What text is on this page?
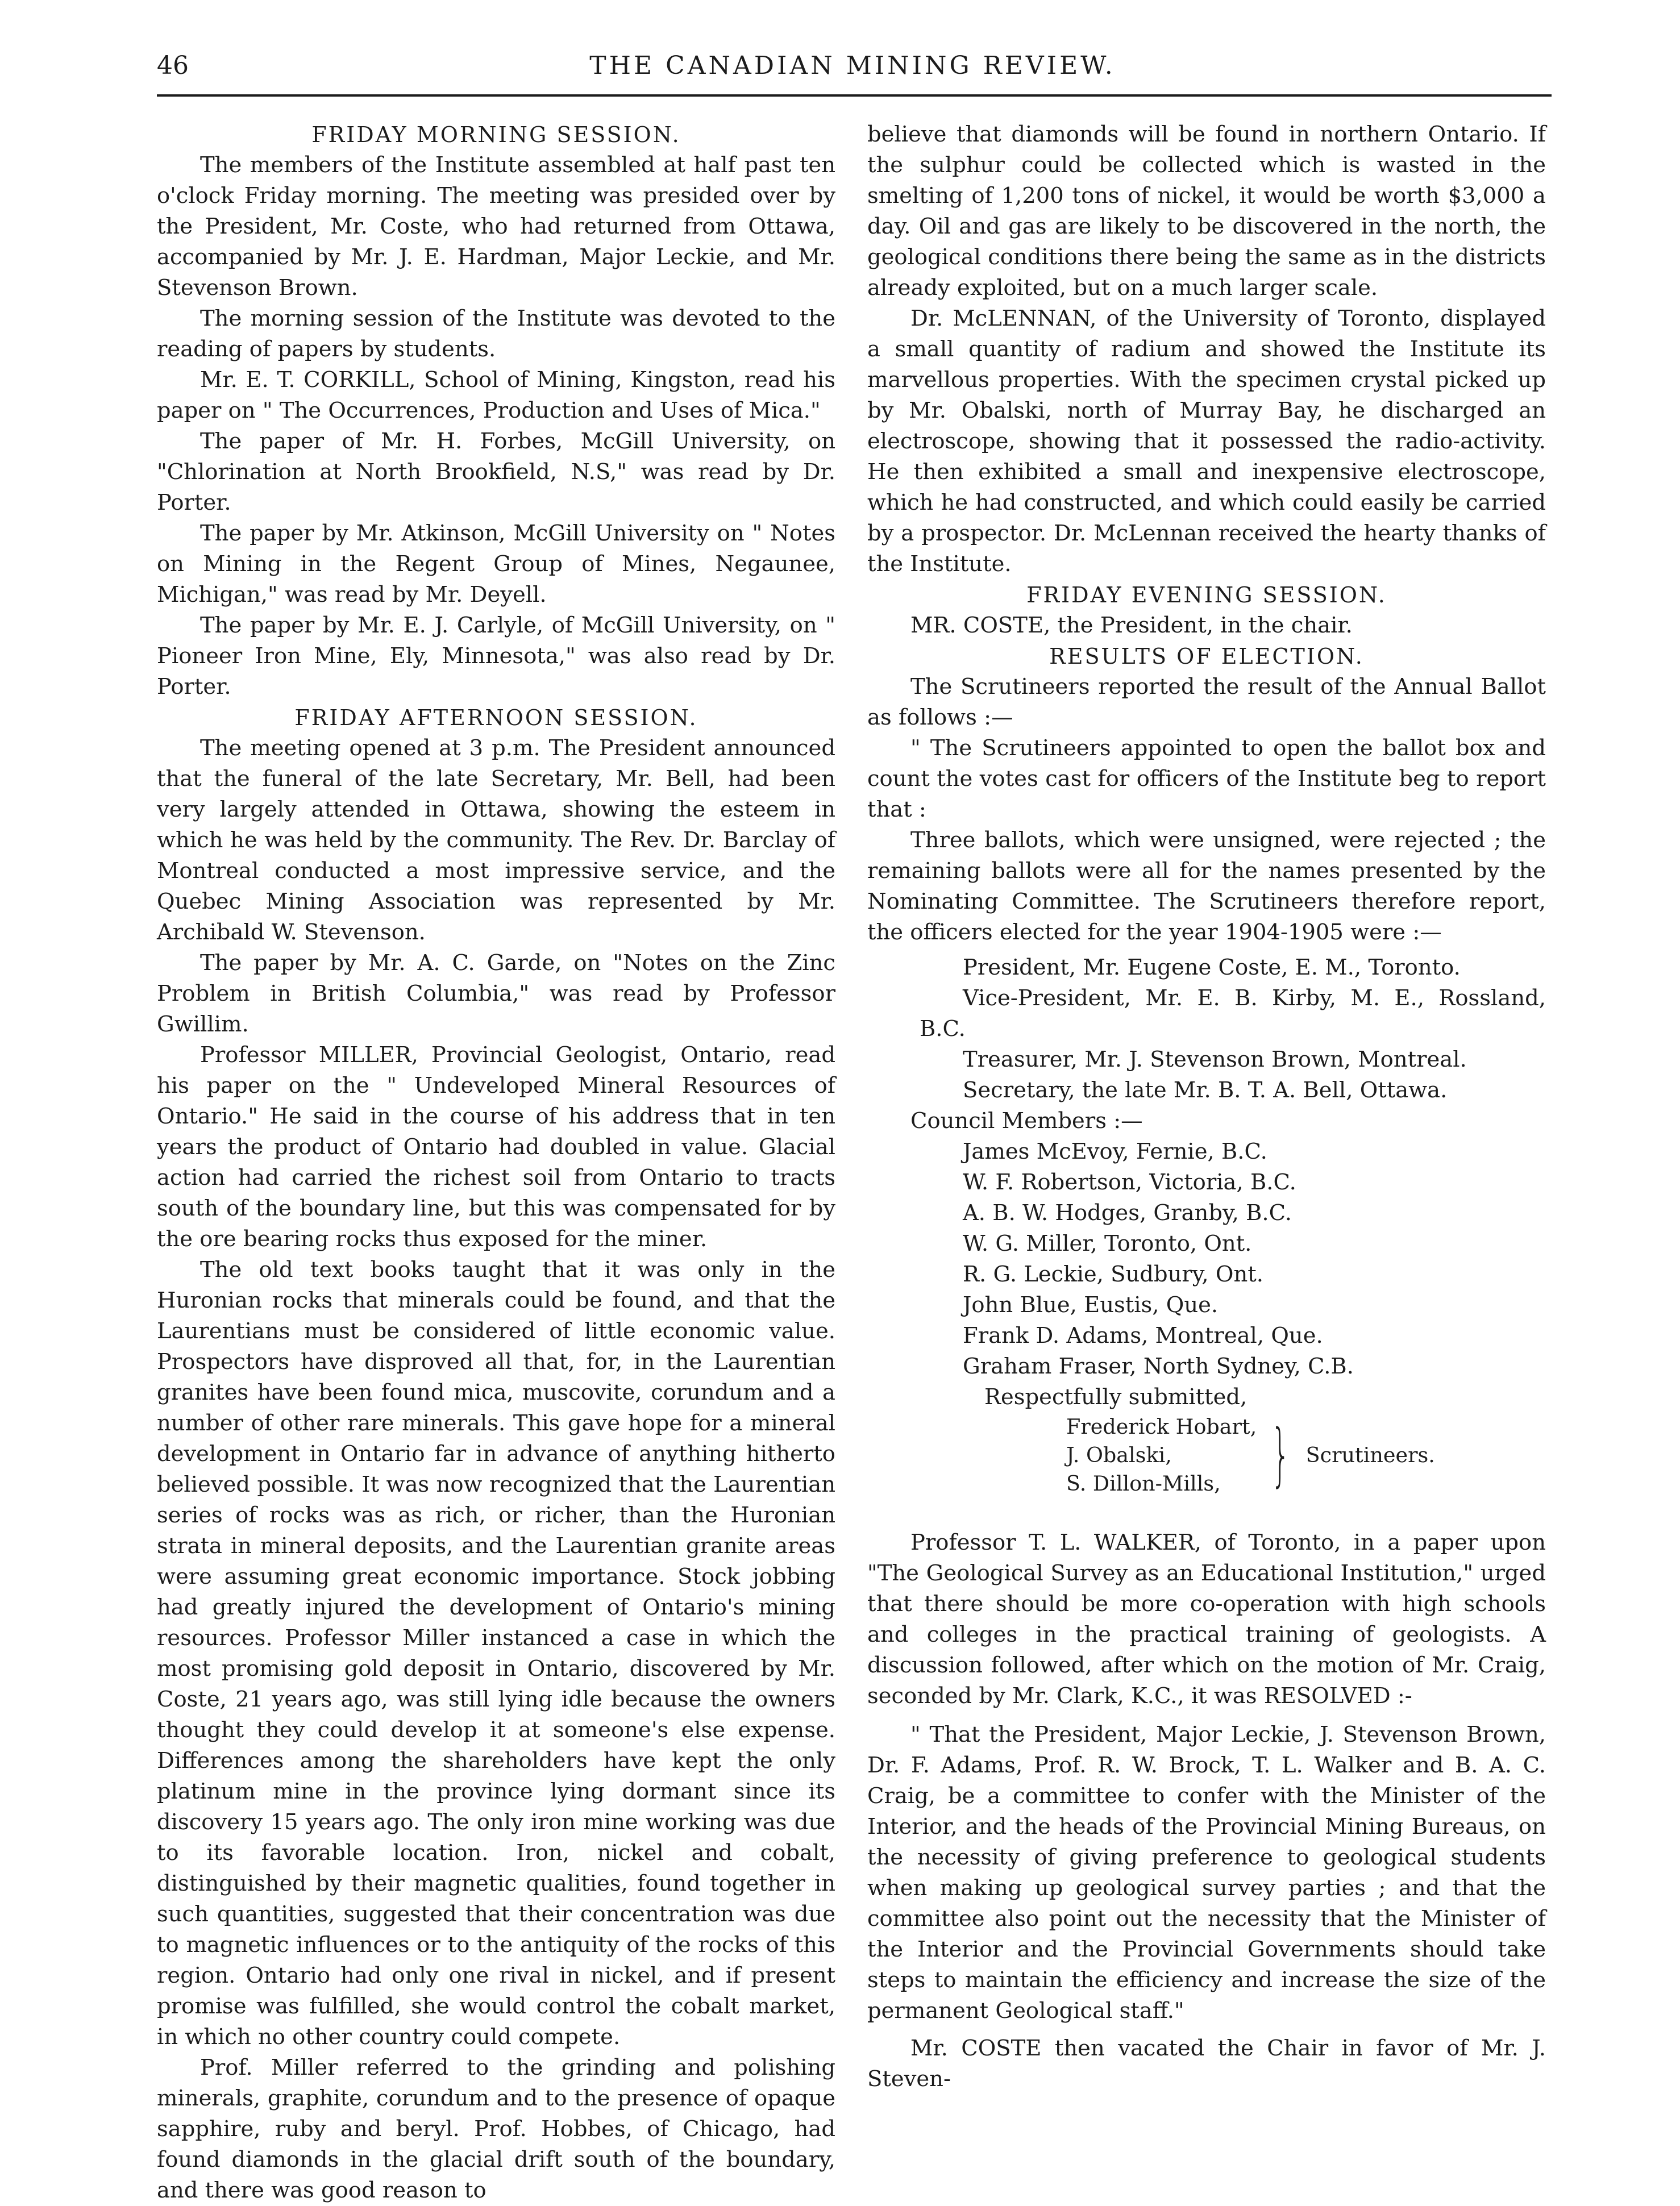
46	THE CANADIAN MINING REVIEW.
FRIDAY MORNING SESSION.

The members of the Institute assembled at half past ten o'clock Friday morning. The meeting was presided over by the President, Mr. Coste, who had returned from Ottawa, accompanied by Mr. J. E. Hardman, Major Leckie, and Mr. Stevenson Brown.

The morning session of the Institute was devoted to the reading of papers by students.

Mr. E. T. CORKILL, School of Mining, Kingston, read his paper on " The Occurrences, Production and Uses of Mica."

The paper of Mr. H. Forbes, McGill University, on "Chlorination at North Brookfield, N.S," was read by Dr. Porter.

The paper by Mr. Atkinson, McGill University on " Notes on Mining in the Regent Group of Mines, Negaunee, Michigan," was read by Mr. Deyell.

The paper by Mr. E. J. Carlyle, of McGill University, on " Pioneer Iron Mine, Ely, Minnesota," was also read by Dr. Porter.

FRIDAY AFTERNOON SESSION.

The meeting opened at 3 p.m. The President announced that the funeral of the late Secretary, Mr. Bell, had been very largely attended in Ottawa, showing the esteem in which he was held by the community. The Rev. Dr. Barclay of Montreal conducted a most impressive service, and the Quebec Mining Association was represented by Mr. Archibald W. Stevenson.

The paper by Mr. A. C. Garde, on "Notes on the Zinc Problem in British Columbia," was read by Professor Gwillim.

Professor MILLER, Provincial Geologist, Ontario, read his paper on the " Undeveloped Mineral Resources of Ontario." He said in the course of his address that in ten years the product of Ontario had doubled in value. Glacial action had carried the richest soil from Ontario to tracts south of the boundary line, but this was compensated for by the ore bearing rocks thus exposed for the miner.

The old text books taught that it was only in the Huronian rocks that minerals could be found, and that the Laurentians must be considered of little economic value. Prospectors have disproved all that, for, in the Laurentian granites have been found mica, muscovite, corundum and a number of other rare minerals. This gave hope for a mineral development in Ontario far in advance of anything hitherto believed possible. It was now recognized that the Laurentian series of rocks was as rich, or richer, than the Huronian strata in mineral deposits, and the Laurentian granite areas were assuming great economic importance. Stock jobbing had greatly injured the development of Ontario's mining resources. Professor Miller instanced a case in which the most promising gold deposit in Ontario, discovered by Mr. Coste, 21 years ago, was still lying idle because the owners thought they could develop it at someone's else expense. Differences among the shareholders have kept the only platinum mine in the province lying dormant since its discovery 15 years ago. The only iron mine working was due to its favorable location. Iron, nickel and cobalt, distinguished by their magnetic qualities, found together in such quantities, suggested that their concentration was due to magnetic influences or to the antiquity of the rocks of this region. Ontario had only one rival in nickel, and if present promise was fulfilled, she would control the cobalt market, in which no other country could compete.

Prof. Miller referred to the grinding and polishing minerals, graphite, corundum and to the presence of opaque sapphire, ruby and beryl. Prof. Hobbes, of Chicago, had found diamonds in the glacial drift south of the boundary, and there was good reason to

believe that diamonds will be found in northern Ontario. If the sulphur could be collected which is wasted in the smelting of 1,200 tons of nickel, it would be worth $3,000 a day. Oil and gas are likely to be discovered in the north, the geological conditions there being the same as in the districts already exploited, but on a much larger scale.

Dr. McLENNAN, of the University of Toronto, displayed a small quantity of radium and showed the Institute its marvellous properties. With the specimen crystal picked up by Mr. Obalski, north of Murray Bay, he discharged an electroscope, showing that it possessed the radio-activity. He then exhibited a small and inexpensive electroscope, which he had constructed, and which could easily be carried by a prospector. Dr. McLennan received the hearty thanks of the Institute.

FRIDAY EVENING SESSION.

MR. COSTE, the President, in the chair.

RESULTS OF ELECTION.

The Scrutineers reported the result of the Annual Ballot as follows :—

" The Scrutineers appointed to open the ballot box and count the votes cast for officers of the Institute beg to report that :

Three ballots, which were unsigned, were rejected ; the remaining ballots were all for the names presented by the Nominating Committee. The Scrutineers therefore report, the officers elected for the year 1904-1905 were :—

President, Mr. Eugene Coste, E. M., Toronto.

Vice-President, Mr. E. B. Kirby, M. E., Rossland, B.C.

Treasurer, Mr. J. Stevenson Brown, Montreal.

Secretary, the late Mr. B. T. A. Bell, Ottawa.

Council Members :—

James McEvoy, Fernie, B.C.

W. F. Robertson, Victoria, B.C.

A. B. W. Hodges, Granby, B.C.

W. G. Miller, Toronto, Ont.

R. G. Leckie, Sudbury, Ont.

John Blue, Eustis, Que.

Frank D. Adams, Montreal, Que.

Graham Fraser, North Sydney, C.B.

Respectfully submitted,

Frederick Hobart,
J. Obalski,
S. Dillon-Mills, } Scrutineers.

Professor T. L. WALKER, of Toronto, in a paper upon "The Geological Survey as an Educational Institution," urged that there should be more co-operation with high schools and colleges in the practical training of geologists. A discussion followed, after which on the motion of Mr. Craig, seconded by Mr. Clark, K.C., it was RESOLVED :-

" That the President, Major Leckie, J. Stevenson Brown, Dr. F. Adams, Prof. R. W. Brock, T. L. Walker and B. A. C. Craig, be a committee to confer with the Minister of the Interior, and the heads of the Provincial Mining Bureaus, on the necessity of giving preference to geological students when making up geological survey parties ; and that the committee also point out the necessity that the Minister of the Interior and the Provincial Governments should take steps to maintain the efficiency and increase the size of the permanent Geological staff."

Mr. COSTE then vacated the Chair in favor of Mr. J. Steven-
